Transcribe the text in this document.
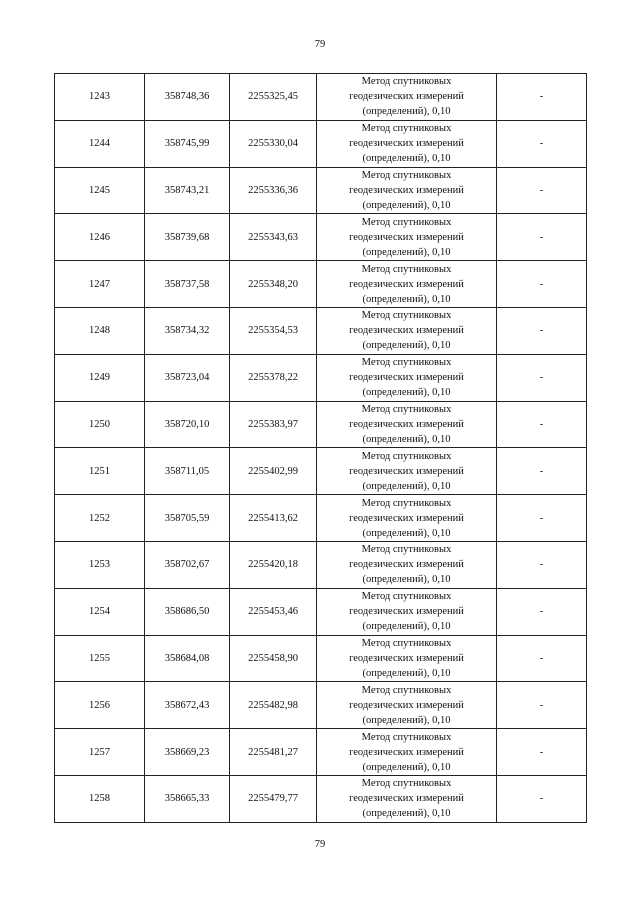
79
1243	358748,36	2255325,45	Метод спутниковых
геодезических измерений
(определений), 0,10	-
1244	358745,99	2255330,04	Метод спутниковых
геодезических измерений
(определений), 0,10	-
1245	358743,21	2255336,36	Метод спутниковых
геодезических измерений
(определений), 0,10	-
1246	358739,68	2255343,63	Метод спутниковых
геодезических измерений
(определений), 0,10	-
1247	358737,58	2255348,20	Метод спутниковых
геодезических измерений
(определений), 0,10	-
1248	358734,32	2255354,53	Метод спутниковых
геодезических измерений
(определений), 0,10	-
1249	358723,04	2255378,22	Метод спутниковых
геодезических измерений
(определений), 0,10	-
1250	358720,10	2255383,97	Метод спутниковых
геодезических измерений
(определений), 0,10	-
1251	358711,05	2255402,99	Метод спутниковых
геодезических измерений
(определений), 0,10	-
1252	358705,59	2255413,62	Метод спутниковых
геодезических измерений
(определений), 0,10	-
1253	358702,67	2255420,18	Метод спутниковых
геодезических измерений
(определений), 0,10	-
1254	358686,50	2255453,46	Метод спутниковых
геодезических измерений
(определений), 0,10	-
1255	358684,08	2255458,90	Метод спутниковых
геодезических измерений
(определений), 0,10	-
1256	358672,43	2255482,98	Метод спутниковых
геодезических измерений
(определений), 0,10	-
1257	358669,23	2255481,27	Метод спутниковых
геодезических измерений
(определений), 0,10	-
1258	358665,33	2255479,77	Метод спутниковых
геодезических измерений
(определений), 0,10	-
79
